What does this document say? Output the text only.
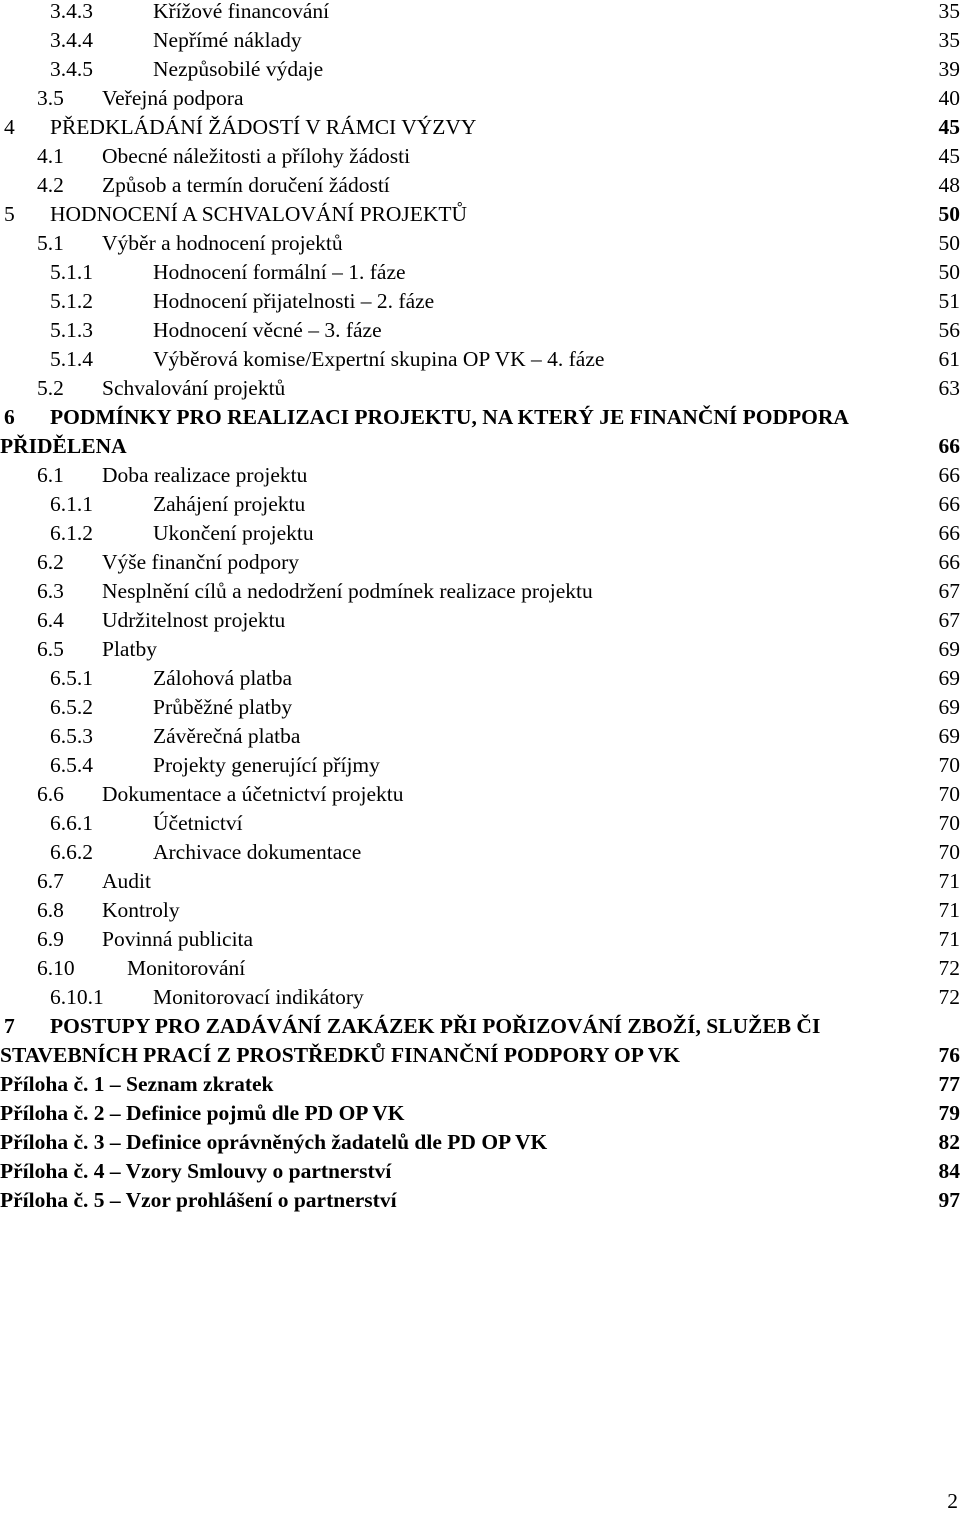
3.4.3	Křížové financování	35
3.4.4	Nepřímé náklady	35
3.4.5	Nezpůsobilé výdaje	39
3.5 Veřejná podpora	40
4 PŘEDKLÁDÁNÍ ŽÁDOSTÍ V RÁMCI VÝZVY	45
4.1 Obecné náležitosti a přílohy žádosti	45
4.2 Způsob a termín doručení žádostí	48
5 HODNOCENÍ A SCHVALOVÁNÍ PROJEKTŮ	50
5.1 Výběr a hodnocení projektů	50
5.1.1	Hodnocení formální – 1. fáze	50
5.1.2	Hodnocení přijatelnosti – 2. fáze	51
5.1.3	Hodnocení věcné – 3. fáze	56
5.1.4	Výběrová komise/Expertní skupina OP VK – 4. fáze	61
5.2 Schvalování projektů	63
6	PODMÍNKY PRO REALIZACI PROJEKTU, NA KTERÝ JE FINANČNÍ PODPORA PŘIDĚLENA	66
6.1 Doba realizace projektu	66
6.1.1	Zahájení projektu	66
6.1.2	Ukončení projektu	66
6.2 Výše finanční podpory	66
6.3 Nesplnění cílů a nedodržení podmínek realizace projektu	67
6.4 Udržitelnost projektu	67
6.5 Platby	69
6.5.1	Zálohová platba	69
6.5.2	Průběžné platby	69
6.5.3	Závěrečná platba	69
6.5.4	Projekty generující příjmy	70
6.6 Dokumentace a účetnictví projektu	70
6.6.1	Účetnictví	70
6.6.2	Archivace dokumentace	70
6.7 Audit	71
6.8 Kontroly	71
6.9 Povinná publicita	71
6.10 Monitorování	72
6.10.1 Monitorovací indikátory	72
7	POSTUPY PRO ZADÁVÁNÍ ZAKÁZEK PŘI POŘIZOVÁNÍ ZBOŽÍ, SLUŽEB ČI STAVEBNÍCH PRACÍ Z PROSTŘEDKŮ FINANČNÍ PODPORY OP VK	76
Příloha č. 1 – Seznam zkratek	77
Příloha č. 2 – Definice pojmů dle PD OP VK	79
Příloha č. 3 – Definice oprávněných žadatelů dle PD OP VK	82
Příloha č. 4 – Vzory Smlouvy o partnerství	84
Příloha č. 5 – Vzor prohlášení o partnerství	97
2
